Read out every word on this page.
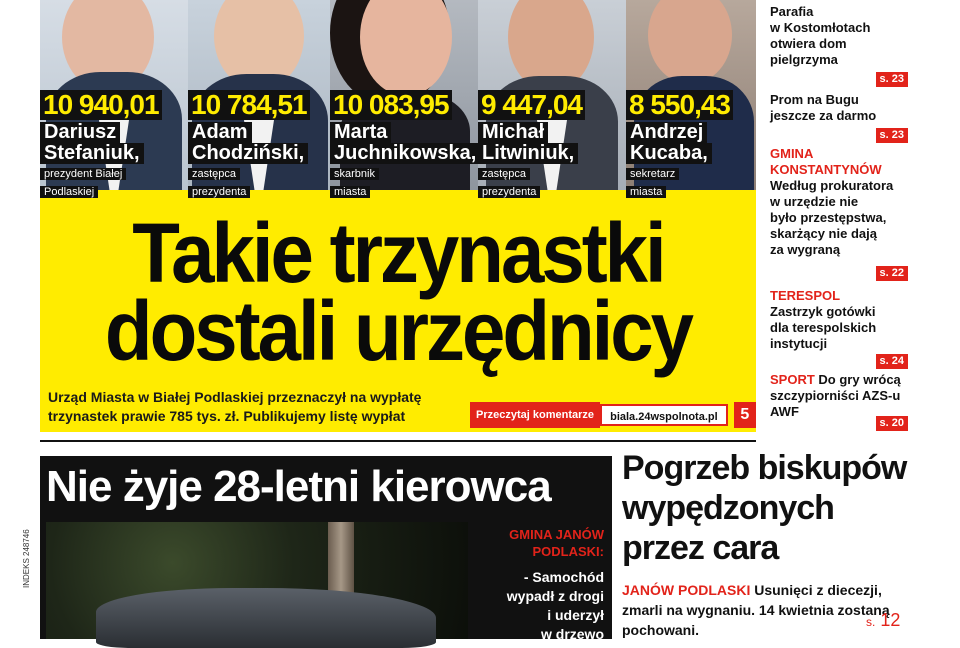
10 940,01
Dariusz
Stefaniuk,
prezydent Białej
Podlaskiej
10 784,51
Adam
Chodziński,
zastępca
prezydenta
10 083,95
Marta
Juchnikowska,
skarbnik
miasta
9 447,04
Michał
Litwiniuk,
zastępca
prezydenta
8 550,43
Andrzej
Kucaba,
sekretarz
miasta
Takie trzynastki
dostali urzędnicy
Urząd Miasta w Białej Podlaskiej przeznaczył na wypłatę
trzynastek prawie 785 tys. zł. Publikujemy listę wypłat	Przeczytaj komentarze	biala.24wspolnota.pl	5
Parafia
w Kostomłotach
otwiera dom
pielgrzyma
s. 23
Prom na Bugu
jeszcze za darmo
s. 23
GMINA KONSTANTYNÓW
Według prokuratora
w urzędzie nie
było przestępstwa,
skarżący nie dają
za wygraną
s. 22
TERESPOL
Zastrzyk gotówki
dla terespolskich
instytucji
s. 24
SPORT Do gry wrócą
szczypiorniści AZS-u
AWF
s. 20
Nie żyje 28-letni kierowca
GMINA JANÓW
PODLASKI:
- Samochód
wypadł z drogi
i uderzył
w drzewo
Pogrzeb biskupów
wypędzonych
przez cara
JANÓW PODLASKI Usunięci z diecezji, zmarli na wygnaniu. 14 kwietnia zostaną pochowani.	s. 12
INDEKS 248746
